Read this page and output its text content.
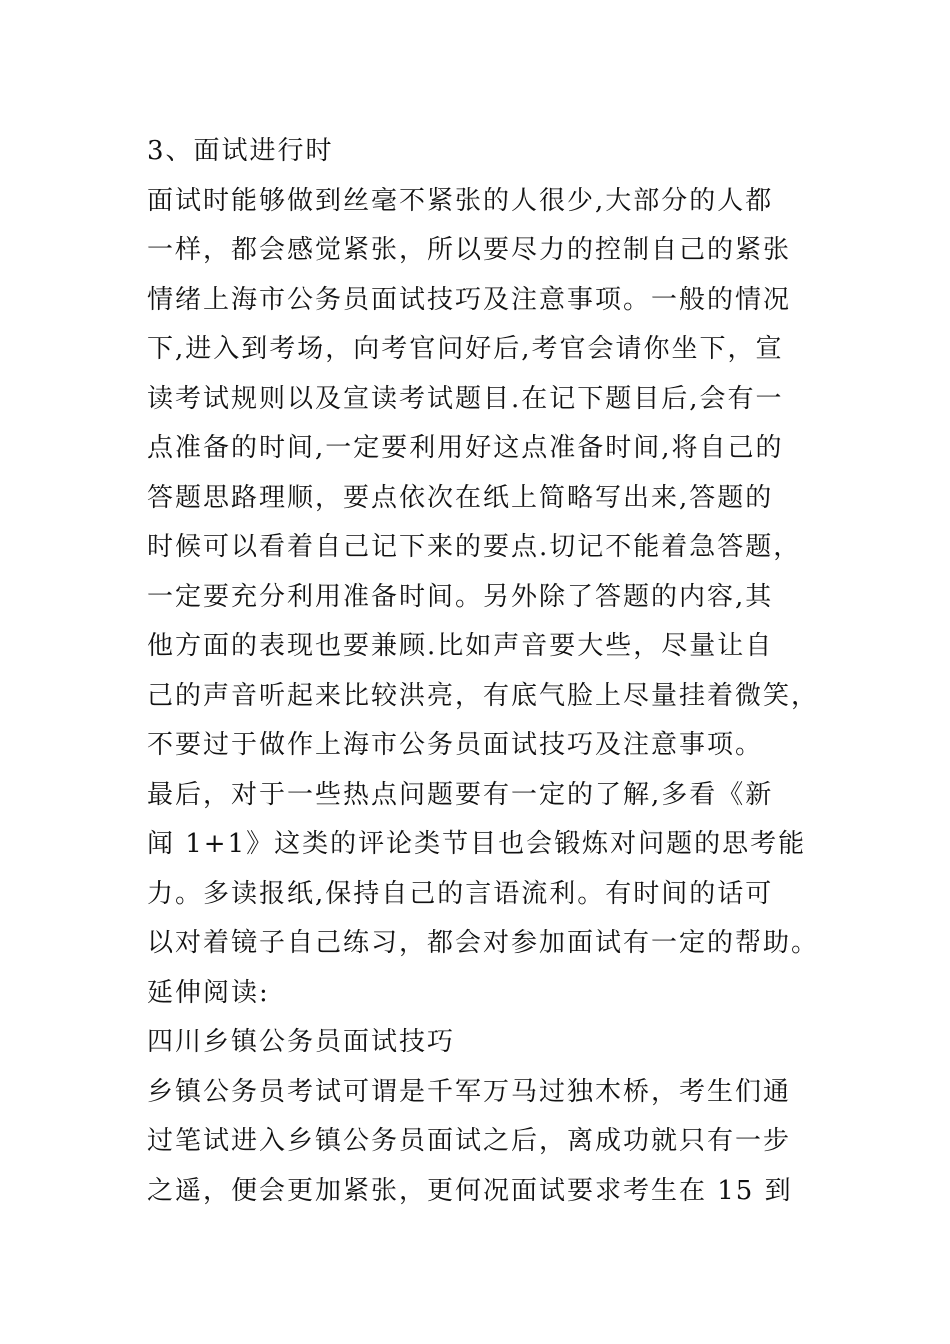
3、面试进行时
面试时能够做到丝毫不紧张的人很少,大部分的人都
一样，都会感觉紧张，所以要尽力的控制自己的紧张
情绪上海市公务员面试技巧及注意事项。一般的情况
下,进入到考场，向考官问好后,考官会请你坐下，宣
读考试规则以及宣读考试题目.在记下题目后,会有一
点准备的时间,一定要利用好这点准备时间,将自己的
答题思路理顺，要点依次在纸上简略写出来,答题的
时候可以看着自己记下来的要点.切记不能着急答题，
一定要充分利用准备时间。另外除了答题的内容,其
他方面的表现也要兼顾.比如声音要大些，尽量让自
己的声音听起来比较洪亮，有底气脸上尽量挂着微笑，
不要过于做作上海市公务员面试技巧及注意事项。
最后，对于一些热点问题要有一定的了解,多看《新
闻 1+1》这类的评论类节目也会锻炼对问题的思考能
力。多读报纸,保持自己的言语流利。有时间的话可
以对着镜子自己练习，都会对参加面试有一定的帮助。
延伸阅读:
四川乡镇公务员面试技巧
乡镇公务员考试可谓是千军万马过独木桥，考生们通
过笔试进入乡镇公务员面试之后，离成功就只有一步
之遥，便会更加紧张，更何况面试要求考生在 15 到
